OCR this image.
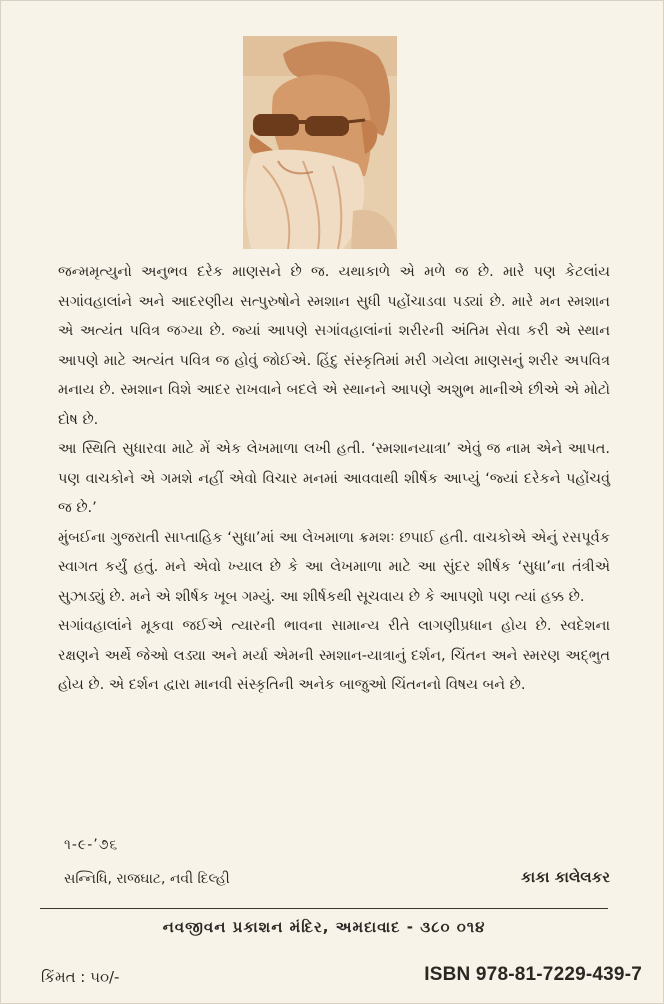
જન્મમૃત્યુનો અનુભવ દરેક માણસને છે જ. યથાકાળે એ મળે જ છે. મારે પણ કેટલાંય સગાંવહાલાંને અને આદરણીય સત્પુરુષોને સ્મશાન સુધી પહોંચાડવા પડ્યાં છે. મારે મન સ્મશાન એ અત્યંત પવિત્ર જગ્યા છે. જ્યાં આપણે સગાંવહાલાંનાં શરીરની અંતિમ સેવા કરી એ સ્થાન આપણે માટે અત્યંત પવિત્ર જ હોવું જોઈએ. હિંદુ સંસ્કૃતિમાં મરી ગયેલા માણસનું શરીર અપવિત્ર મનાય છે. સ્મશાન વિશે આદર રાખવાને બદલે એ સ્થાનને આપણે અશુભ માનીએ છીએ એ મોટો દોષ છે.

આ સ્થિતિ સુધારવા માટે મેં એક લેખમાળા લખી હતી. ‘સ્મશાનયાત્રા’ એવું જ નામ એને આપત. પણ વાચકોને એ ગમશે નહીં એવો વિચાર મનમાં આવવાથી શીર્ષક આપ્યું ‘જ્યાં દરેકને પહોંચવું જ છે.’

મુંબઈના ગુજરાતી સાપ્તાહિક ‘સુધા’માં આ લેખમાળા ક્રમશઃ છપાઈ હતી. વાચકોએ એનું રસપૂર્વક સ્વાગત કર્યું હતું. મને એવો ખ્યાલ છે કે આ લેખમાળા માટે આ સુંદર શીર્ષક ‘સુધા’ના તંત્રીએ સુઝાડ્યું છે. મને એ શીર્ષક ખૂબ ગમ્યું. આ શીર્ષકથી સૂચવાય છે કે આપણો પણ ત્યાં હક્ક છે.

સગાંવહાલાંને મૂકવા જઈએ ત્યારની ભાવના સામાન્ય રીતે લાગણીપ્રધાન હોય છે. સ્વદેશના રક્ષણને અર્થે જેઓ લડ્યા અને મર્યા એમની સ્મશાન-યાત્રાનું દર્શન, ચિંતન અને સ્મરણ અદ્ભુત હોય છે. એ દર્શન દ્વારા માનવી સંસ્કૃતિની અનેક બાજુઓ ચિંતનનો વિષય બને છે.

૧-૯-’૭૬
સન્નિધિ, રાજઘાટ, નવી દિલ્હી	કાકા કાલેલકર
નવજીવન પ્રકાશન મંદિર, અમદાવાદ - ૩૮૦ ૦૧૪
કિંમત : ૫૦/-	ISBN 978-81-7229-439-7
